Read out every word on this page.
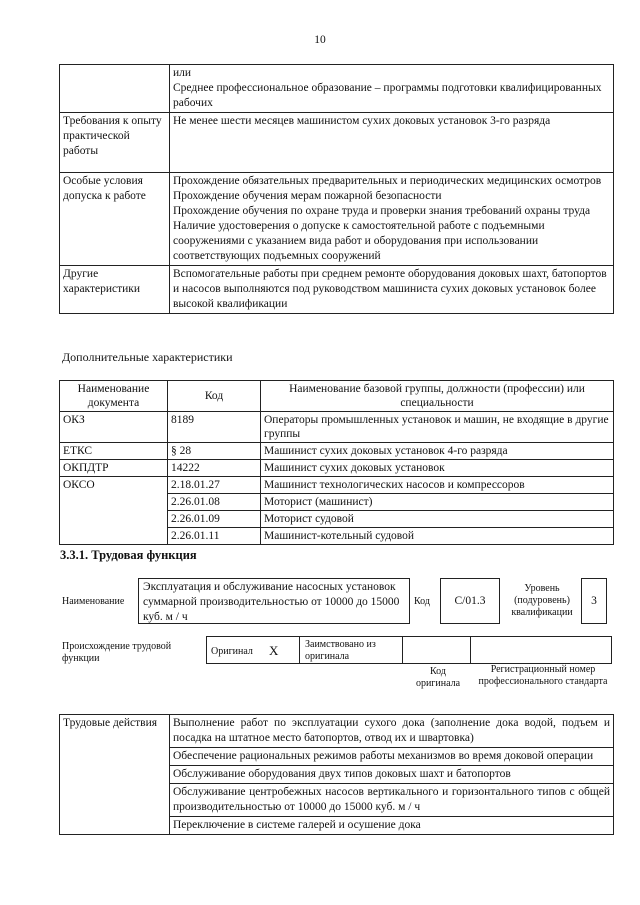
10

	или
Среднее профессиональное образование – программы подготовки квалифицированных рабочих

Требования к опыту практической работы	Не менее шести месяцев машинистом сухих доковых установок 3-го разряда
Особые условия допуска к работе	Прохождение обязательных предварительных и периодических медицинских осмотров
Прохождение обучения мерам пожарной безопасности
Прохождение обучения по охране труда и проверки знания требований охраны труда
Наличие удостоверения о допуске к самостоятельной работе с подъемными сооружениями с указанием вида работ и оборудования при использовании соответствующих подъемных сооружений

Другие характеристики	Вспомогательные работы при среднем ремонте оборудования доковых шахт, батопортов и насосов выполняются под руководством машиниста сухих доковых установок более высокой квалификации
Дополнительные характеристики
Наименование документа	Код	Наименование базовой группы, должности (профессии) или специальности
ОКЗ	8189	Операторы промышленных установок и машин, не входящие в другие группы
ЕТКС	§ 28	Машинист сухих доковых установок 4-го разряда
ОКПДТР	14222	Машинист сухих доковых установок
ОКСО	2.18.01.27	Машинист технологических насосов и компрессоров
	2.26.01.08	Моторист (машинист)
	2.26.01.09	Моторист судовой
	2.26.01.11	Машинист-котельный судовой
3.3.1. Трудовая функция
Наименование
Эксплуатация и обслуживание насосных установок суммарной производительностью от 10000 до 15000 куб. м / ч
Код	С/01.3
Уровень (подуровень) квалификации
3
Происхождение трудовой функции
Оригинал X	Заимствовано из оригинала
Код оригинала
Регистрационный номер профессионального стандарта
Трудовые действия	Выполнение работ по эксплуатации сухого дока (заполнение дока водой, подъем и посадка на штатное место батопортов, отвод их и швартовка)
Обеспечение рациональных режимов работы механизмов во время доковой операции
Обслуживание оборудования двух типов доковых шахт и батопортов
Обслуживание центробежных насосов вертикального и горизонтального типов с общей производительностью от 10000 до 15000 куб. м / ч
Переключение в системе галерей и осушение дока
